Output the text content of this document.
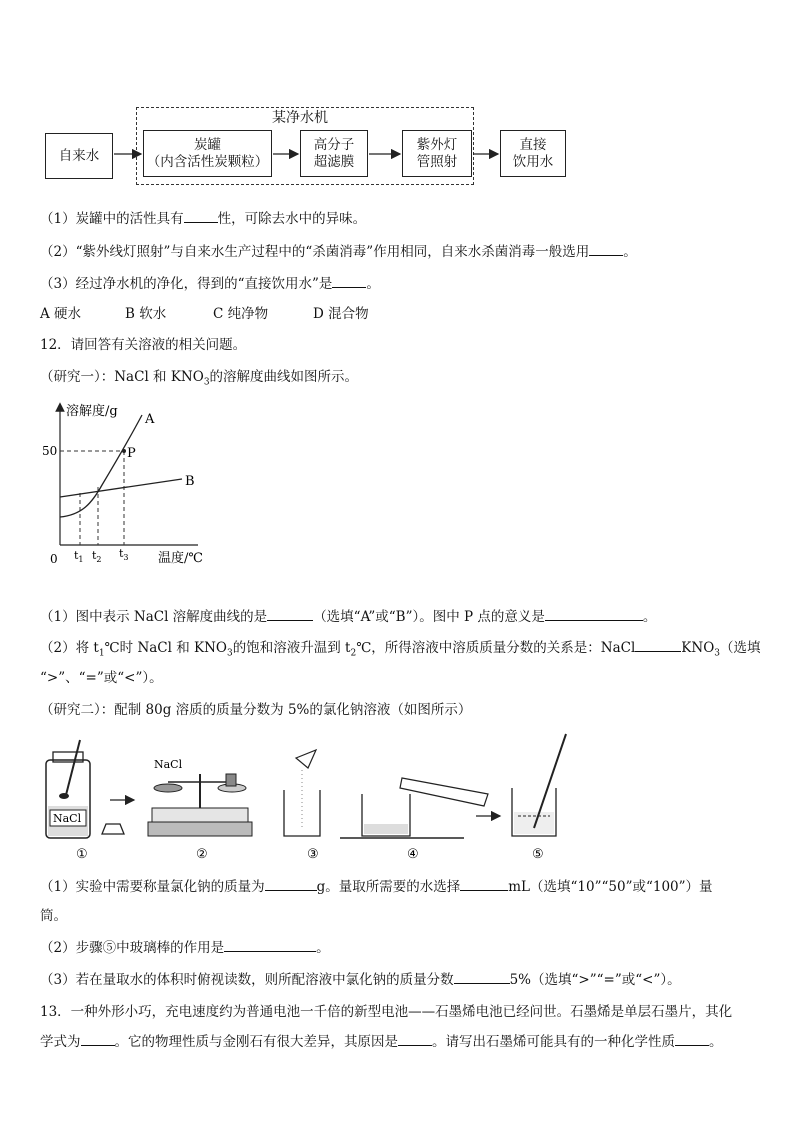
某净水机
自来水
炭罐
（内含活性炭颗粒）
高分子
超滤膜
紫外灯
管照射
直接
饮用水
（1）炭罐中的活性具有	性，可除去水中的异味。
（2）“紫外线灯照射”与自来水生产过程中的“杀菌消毒”作用相同，自来水杀菌消毒一般选用	。
（3）经过净水机的净化，得到的“直接饮用水”是	。
A 硬水	B 软水	C 纯净物	D 混合物
12．请回答有关溶液的相关问题。
（研究一）：NaCl 和 $KNO_3$的溶解度曲线如图所示。
溶解度/g
温度/℃
50
0 $t_1$ $t_2$ $t_3$
A
B
P
（1）图中表示 NaCl 溶解度曲线的是	（选填“A”或“B”）。图中 P 点的意义是	。
（2）将 $t_1℃$时 NaCl 和 $KNO_3$的饱和溶液升温到 $t_2℃$，所得溶液中溶质质量分数的关系是：NaCl	$KNO_3$（选填
“>”、“=”或“<”）。
（研究二）：配制 80g 溶质的质量分数为 5%的氯化钠溶液（如图所示）
NaCl
NaCl
①	②	③	④	⑤
（1）实验中需要称量氯化钠的质量为	g。量取所需要的水选择	mL（选填“10”“50”或“100”）量
筒。
（2）步骤⑤中玻璃棒的作用是	。
（3）若在量取水的体积时俯视读数，则所配溶液中氯化钠的质量分数	5%（选填“>”“=”或“<”）。
13．一种外形小巧，充电速度约为普通电池一千倍的新型电池——石墨烯电池已经问世。石墨烯是单层石墨片，其化
学式为	。它的物理性质与金刚石有很大差异，其原因是	。请写出石墨烯可能具有的一种化学性质	。
